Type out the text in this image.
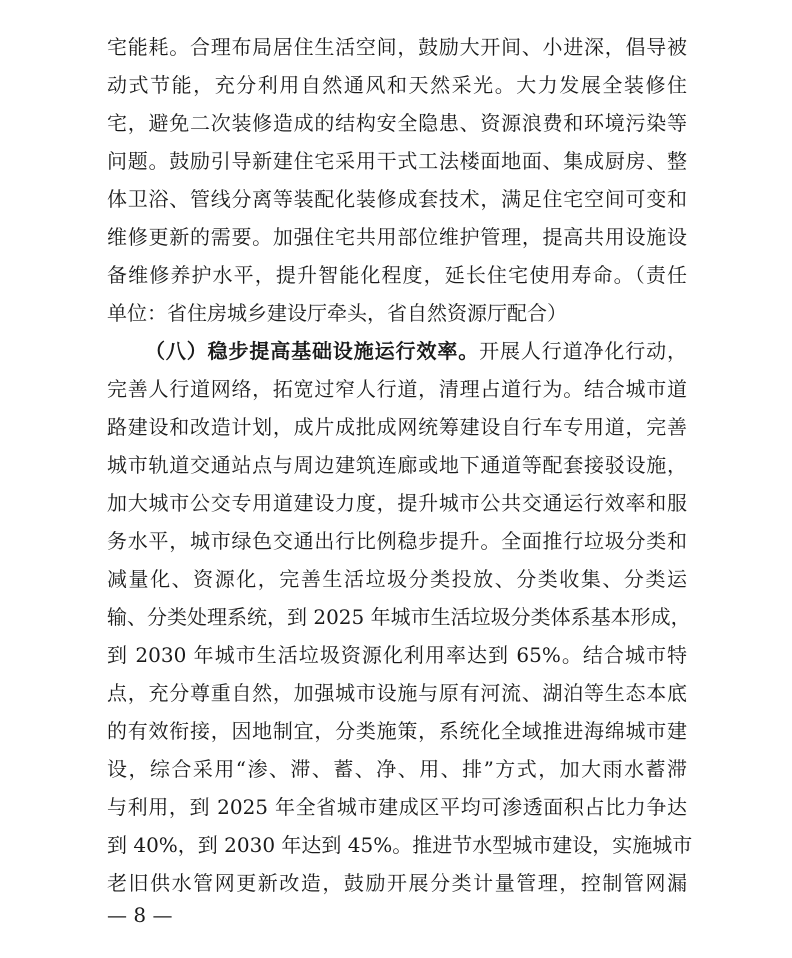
宅能耗。合理布局居住生活空间，鼓励大开间、小进深，倡导被
动式节能，充分利用自然通风和天然采光。大力发展全装修住
宅，避免二次装修造成的结构安全隐患、资源浪费和环境污染等
问题。鼓励引导新建住宅采用干式工法楼面地面、集成厨房、整
体卫浴、管线分离等装配化装修成套技术，满足住宅空间可变和
维修更新的需要。加强住宅共用部位维护管理，提高共用设施设
备维修养护水平，提升智能化程度，延长住宅使用寿命。（责任
单位：省住房城乡建设厅牵头，省自然资源厅配合）
（八）稳步提高基础设施运行效率。开展人行道净化行动，
完善人行道网络，拓宽过窄人行道，清理占道行为。结合城市道
路建设和改造计划，成片成批成网统筹建设自行车专用道，完善
城市轨道交通站点与周边建筑连廊或地下通道等配套接驳设施，
加大城市公交专用道建设力度，提升城市公共交通运行效率和服
务水平，城市绿色交通出行比例稳步提升。全面推行垃圾分类和
减量化、资源化，完善生活垃圾分类投放、分类收集、分类运
输、分类处理系统，到 2025 年城市生活垃圾分类体系基本形成，
到 2030 年城市生活垃圾资源化利用率达到 65%。结合城市特
点，充分尊重自然，加强城市设施与原有河流、湖泊等生态本底
的有效衔接，因地制宜，分类施策，系统化全域推进海绵城市建
设，综合采用“渗、滞、蓄、净、用、排”方式，加大雨水蓄滞
与利用，到 2025 年全省城市建成区平均可渗透面积占比力争达
到 40%，到 2030 年达到 45%。推进节水型城市建设，实施城市
老旧供水管网更新改造，鼓励开展分类计量管理，控制管网漏
— 8 —
